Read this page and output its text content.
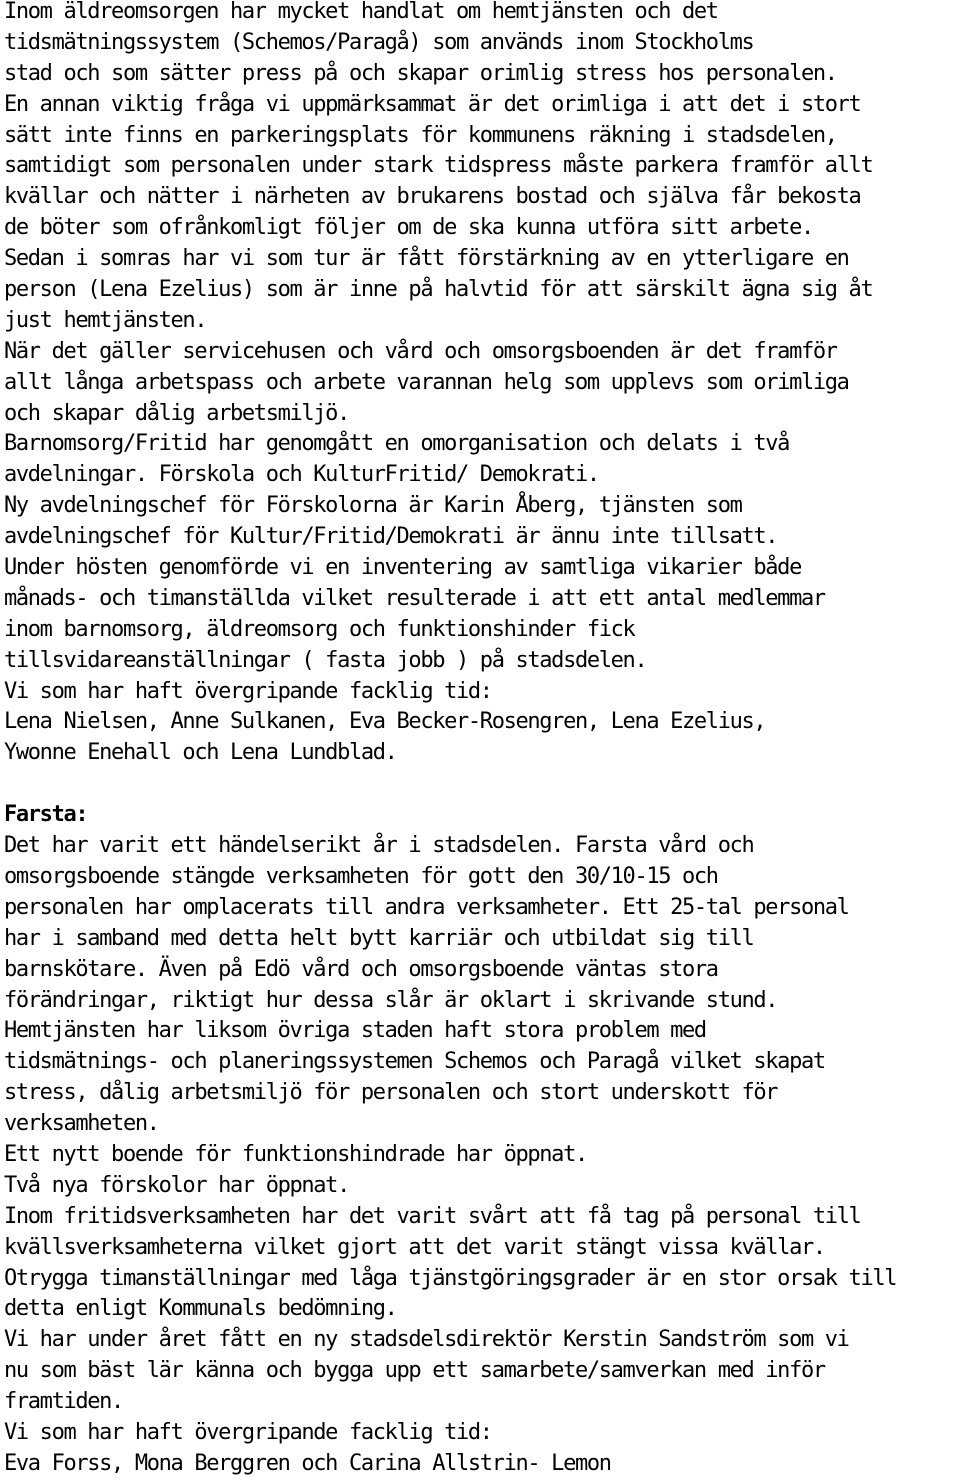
Inom äldreomsorgen har mycket handlat om hemtjänsten och det
tidsmätningssystem (Schemos/Paragå) som används inom Stockholms
stad och som sätter press på och skapar orimlig stress hos personalen.
En annan viktig fråga vi uppmärksammat är det orimliga i att det i stort
sätt inte finns en parkeringsplats för kommunens räkning i stadsdelen,
samtidigt som personalen under stark tidspress måste parkera framför allt
kvällar och nätter i närheten av brukarens bostad och själva får bekosta
de böter som ofrånkomligt följer om de ska kunna utföra sitt arbete.
Sedan i somras har vi som tur är fått förstärkning av en ytterligare en
person (Lena Ezelius) som är inne på halvtid för att särskilt ägna sig åt
just hemtjänsten.
När det gäller servicehusen och vård och omsorgsboenden är det framför
allt långa arbetspass och arbete varannan helg som upplevs som orimliga
och skapar dålig arbetsmiljö.
Barnomsorg/Fritid har genomgått en omorganisation och delats i två
avdelningar. Förskola och KulturFritid/ Demokrati.
Ny avdelningschef för Förskolorna är Karin Åberg, tjänsten som
avdelningschef för Kultur/Fritid/Demokrati är ännu inte tillsatt.
Under hösten genomförde vi en inventering av samtliga vikarier både
månads- och timanställda vilket resulterade i att ett antal medlemmar
inom barnomsorg, äldreomsorg och funktionshinder fick
tillsvidareanställningar ( fasta jobb ) på stadsdelen.
Vi som har haft övergripande facklig tid:
Lena Nielsen, Anne Sulkanen, Eva Becker-Rosengren, Lena Ezelius,
Ywonne Enehall och Lena Lundblad.
Farsta:
Det har varit ett händelserikt år i stadsdelen. Farsta vård och
omsorgsboende stängde verksamheten för gott den 30/10-15 och
personalen har omplacerats till andra verksamheter. Ett 25-tal personal
har i samband med detta helt bytt karriär och utbildat sig till
barnskötare. Även på Edö vård och omsorgsboende väntas stora
förändringar, riktigt hur dessa slår är oklart i skrivande stund.
Hemtjänsten har liksom övriga staden haft stora problem med
tidsmätnings- och planeringssystemen Schemos och Paragå vilket skapat
stress, dålig arbetsmiljö för personalen och stort underskott för
verksamheten.
Ett nytt boende för funktionshindrade har öppnat.
Två nya förskolor har öppnat.
Inom fritidsverksamheten har det varit svårt att få tag på personal till
kvällsverksamheterna vilket gjort att det varit stängt vissa kvällar.
Otrygga timanställningar med låga tjänstgöringsgrader är en stor orsak till
detta enligt Kommunals bedömning.
Vi har under året fått en ny stadsdelsdirektör Kerstin Sandström som vi
nu som bäst lär känna och bygga upp ett samarbete/samverkan med inför
framtiden.
Vi som har haft övergripande facklig tid:
Eva Forss, Mona Berggren och Carina Allstrin- Lemon
